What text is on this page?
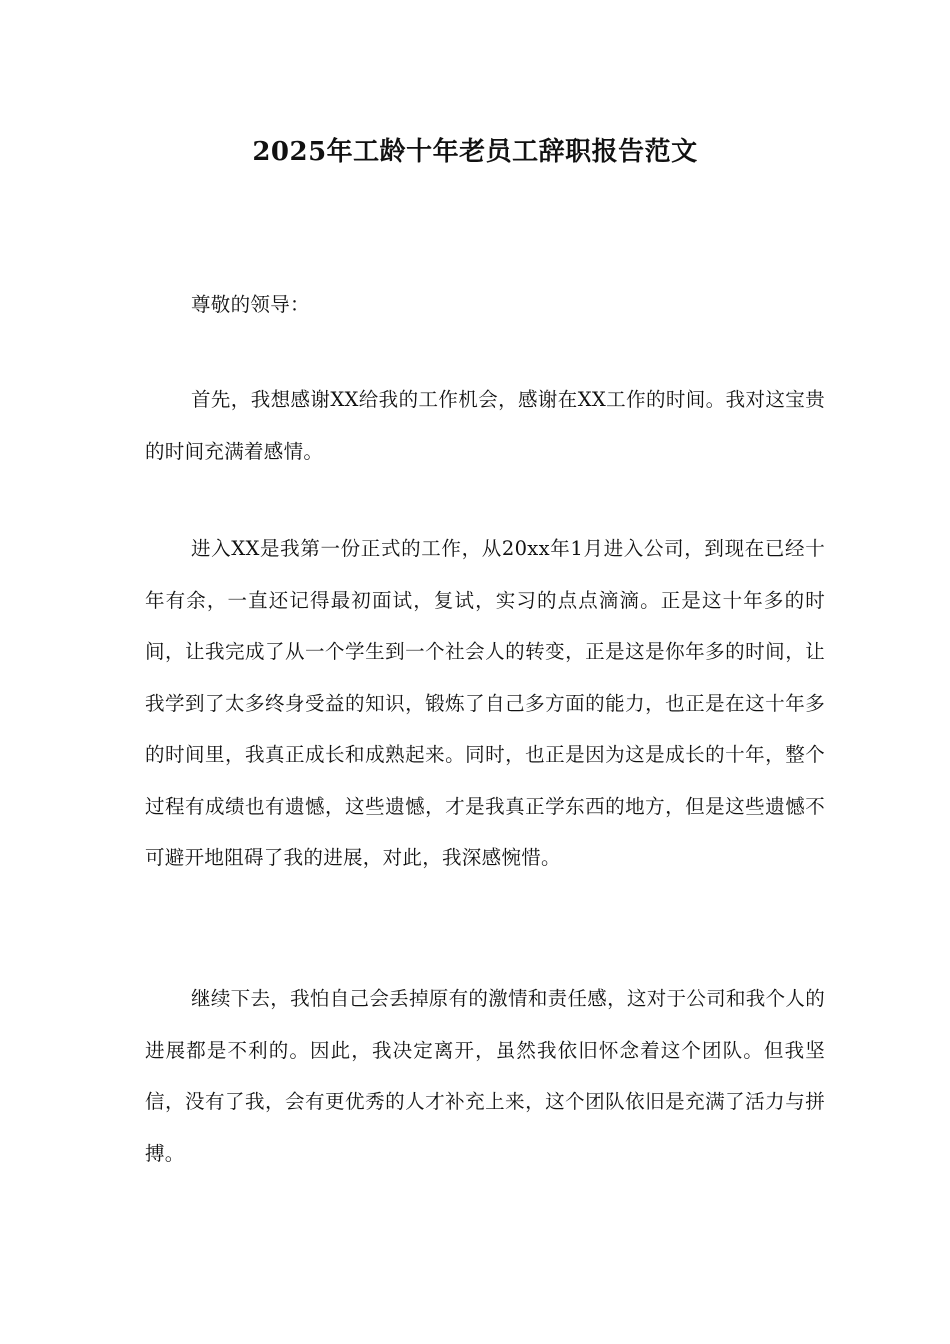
2025年工龄十年老员工辞职报告范文

尊敬的领导：

首先，我想感谢XX给我的工作机会，感谢在XX工作的时间。我对这宝贵的时间充满着感情。

进入XX是我第一份正式的工作，从20xx年1月进入公司，到现在已经十年有余，一直还记得最初面试，复试，实习的点点滴滴。正是这十年多的时间，让我完成了从一个学生到一个社会人的转变，正是这是你年多的时间，让我学到了太多终身受益的知识，锻炼了自己多方面的能力，也正是在这十年多的时间里，我真正成长和成熟起来。同时，也正是因为这是成长的十年，整个过程有成绩也有遗憾，这些遗憾，才是我真正学东西的地方，但是这些遗憾不可避开地阻碍了我的进展，对此，我深感惋惜。

继续下去，我怕自己会丢掉原有的激情和责任感，这对于公司和我个人的进展都是不利的。因此，我决定离开，虽然我依旧怀念着这个团队。但我坚信，没有了我，会有更优秀的人才补充上来，这个团队依旧是充满了活力与拼搏。
